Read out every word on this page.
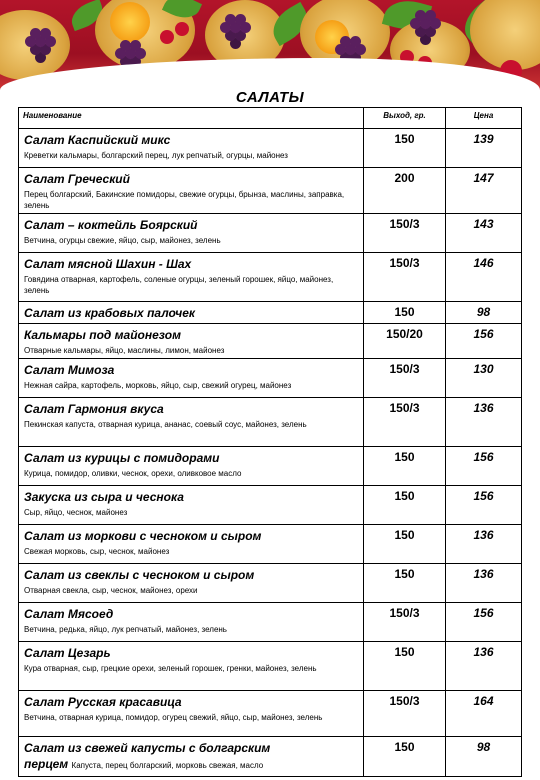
САЛАТЫ
Наименование	Выход, гр.	Цена

Салат Каспийский микс
Креветки кальмары, болгарский перец, лук репчатый, огурцы, майонез	150	139

Салат Греческий
Перец болгарский, Бакинские помидоры, свежие огурцы, брынза, маслины, заправка, зелень	200	147

Салат – коктейль Боярский
Ветчина, огурцы свежие, яйцо, сыр, майонез, зелень	150/3	143

Салат мясной Шахин - Шах
Говядина отварная, картофель, соленые огурцы, зеленый горошек, яйцо, майонез, зелень	150/3	146

Салат из крабовых палочек	150	98

Кальмары под майонезом
Отварные кальмары, яйцо, маслины, лимон, майонез	150/20	156

Салат Мимоза
Нежная сайра, картофель, морковь, яйцо, сыр, свежий огурец, майонез	150/3	130

Салат Гармония вкуса
Пекинская капуста, отварная курица, ананас, соевый соус, майонез, зелень	150/3	136

Салат из курицы с помидорами
Курица, помидор, оливки, чеснок, орехи, оливковое масло	150	156

Закуска из сыра и чеснока
Сыр, яйцо, чеснок, майонез	150	156

Салат из моркови с чесноком и сыром
Свежая морковь, сыр, чеснок, майонез	150	136

Салат из свеклы с чесноком и сыром
Отварная свекла, сыр, чеснок, майонез, орехи	150	136

Салат Мясоед
Ветчина, редька, яйцо, лук репчатый, майонез, зелень	150/3	156

Салат Цезарь
Кура отварная, сыр, грецкие орехи, зеленый горошек, гренки, майонез, зелень	150	136

Салат Русская красавица
Ветчина, отварная курица, помидор, огурец свежий, яйцо, сыр, майонез, зелень	150/3	164

Салат из свежей капусты с болгарским
перцем Капуста, перец болгарский, морковь свежая, масло	150	98
